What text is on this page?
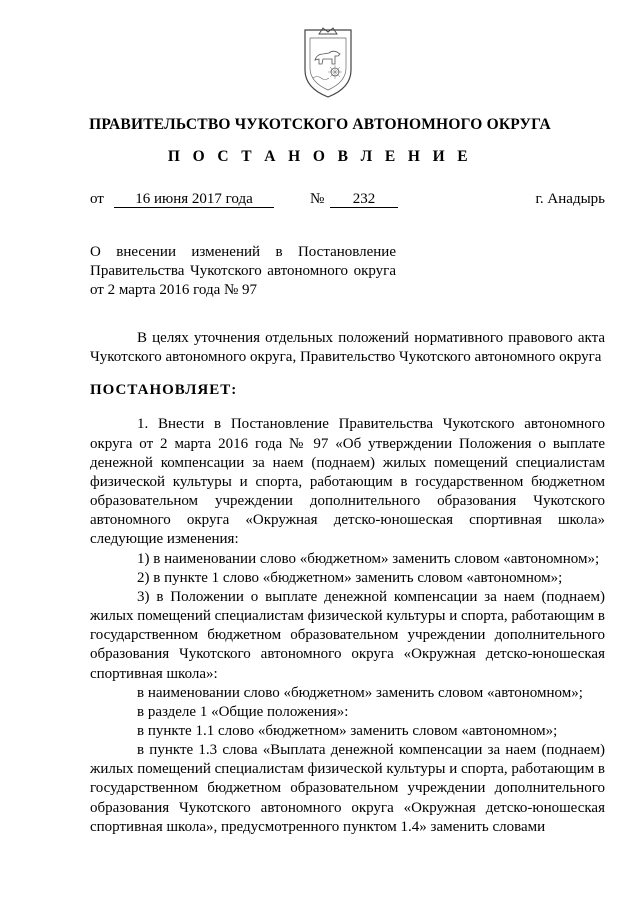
ПРАВИТЕЛЬСТВО ЧУКОТСКОГО АВТОНОМНОГО ОКРУГА
П О С Т А Н О В Л Е Н И Е
от	16 июня 2017 года	№	232	г. Анадырь
О внесении изменений в Постановление
Правительства Чукотского автономного округа
от 2 марта 2016 года № 97

В целях уточнения отдельных положений нормативного правового акта Чукотского автономного округа, Правительство Чукотского автономного округа

ПОСТАНОВЛЯЕТ:

1. Внести в Постановление Правительства Чукотского автономного округа от 2 марта 2016 года № 97 «Об утверждении Положения о выплате денежной компенсации за наем (поднаем) жилых помещений специалистам физической культуры и спорта, работающим в государственном бюджетном образовательном учреждении дополнительного образования Чукотского автономного округа «Окружная детско-юношеская спортивная школа» следующие изменения:

1) в наименовании слово «бюджетном» заменить словом «автономном»;

2) в пункте 1 слово «бюджетном» заменить словом «автономном»;

3) в Положении о выплате денежной компенсации за наем (поднаем) жилых помещений специалистам физической культуры и спорта, работающим в государственном бюджетном образовательном учреждении дополнительного образования Чукотского автономного округа «Окружная детско-юношеская спортивная школа»:

в наименовании слово «бюджетном» заменить словом «автономном»;

в разделе 1 «Общие положения»:

в пункте 1.1 слово «бюджетном» заменить словом «автономном»;

в пункте 1.3 слова «Выплата денежной компенсации за наем (поднаем) жилых помещений специалистам физической культуры и спорта, работающим в государственном бюджетном образовательном учреждении дополнительного образования Чукотского автономного округа «Окружная детско-юношеская спортивная школа», предусмотренного пунктом 1.4» заменить словами
